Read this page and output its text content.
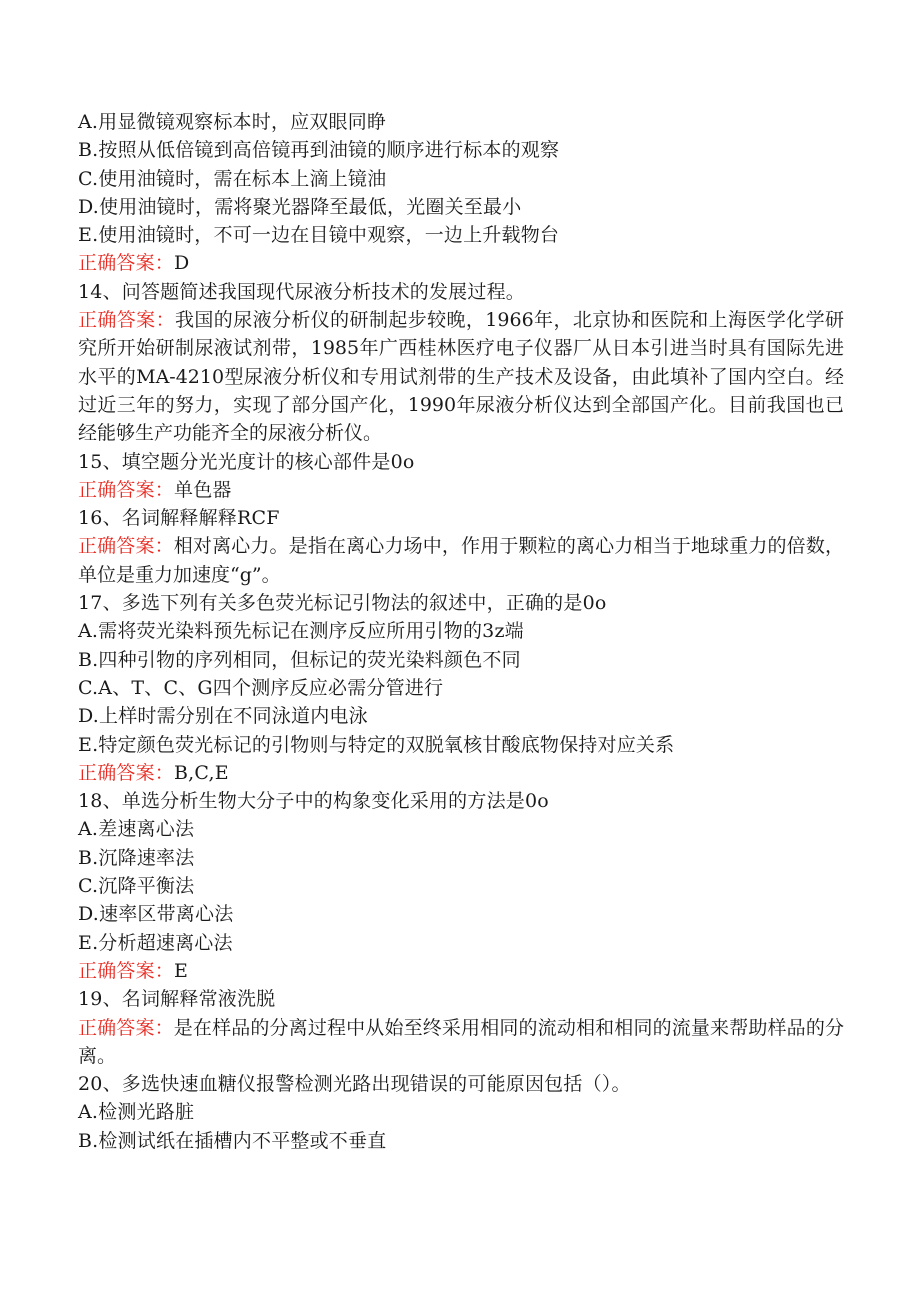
A.用显微镜观察标本时，应双眼同睁
B.按照从低倍镜到高倍镜再到油镜的顺序进行标本的观察
C.使用油镜时，需在标本上滴上镜油
D.使用油镜时，需将聚光器降至最低，光圈关至最小
E.使用油镜时，不可一边在目镜中观察，一边上升载物台
正确答案：D
14、问答题简述我国现代尿液分析技术的发展过程。
正确答案：我国的尿液分析仪的研制起步较晚，1966年，北京协和医院和上海医学化学研究所开始研制尿液试剂带，1985年广西桂林医疗电子仪器厂从日本引进当时具有国际先进水平的MA-4210型尿液分析仪和专用试剂带的生产技术及设备，由此填补了国内空白。经过近三年的努力，实现了部分国产化，1990年尿液分析仪达到全部国产化。目前我国也已经能够生产功能齐全的尿液分析仪。
15、填空题分光光度计的核心部件是0o
正确答案：单色器
16、名词解释解释RCF
正确答案：相对离心力。是指在离心力场中，作用于颗粒的离心力相当于地球重力的倍数，单位是重力加速度“g”。
17、多选下列有关多色荧光标记引物法的叙述中，正确的是0o
A.需将荧光染料预先标记在测序反应所用引物的3z端
B.四种引物的序列相同，但标记的荧光染料颜色不同
C.A、T、C、G四个测序反应必需分管进行
D.上样时需分别在不同泳道内电泳
E.特定颜色荧光标记的引物则与特定的双脱氧核甘酸底物保持对应关系
正确答案：B,C,E
18、单选分析生物大分子中的构象变化采用的方法是0o
A.差速离心法
B.沉降速率法
C.沉降平衡法
D.速率区带离心法
E.分析超速离心法
正确答案：E
19、名词解释常液洗脱
正确答案：是在样品的分离过程中从始至终采用相同的流动相和相同的流量来帮助样品的分离。
20、多选快速血糖仪报警检测光路出现错误的可能原因包括（）。
A.检测光路脏
B.检测试纸在插槽内不平整或不垂直
